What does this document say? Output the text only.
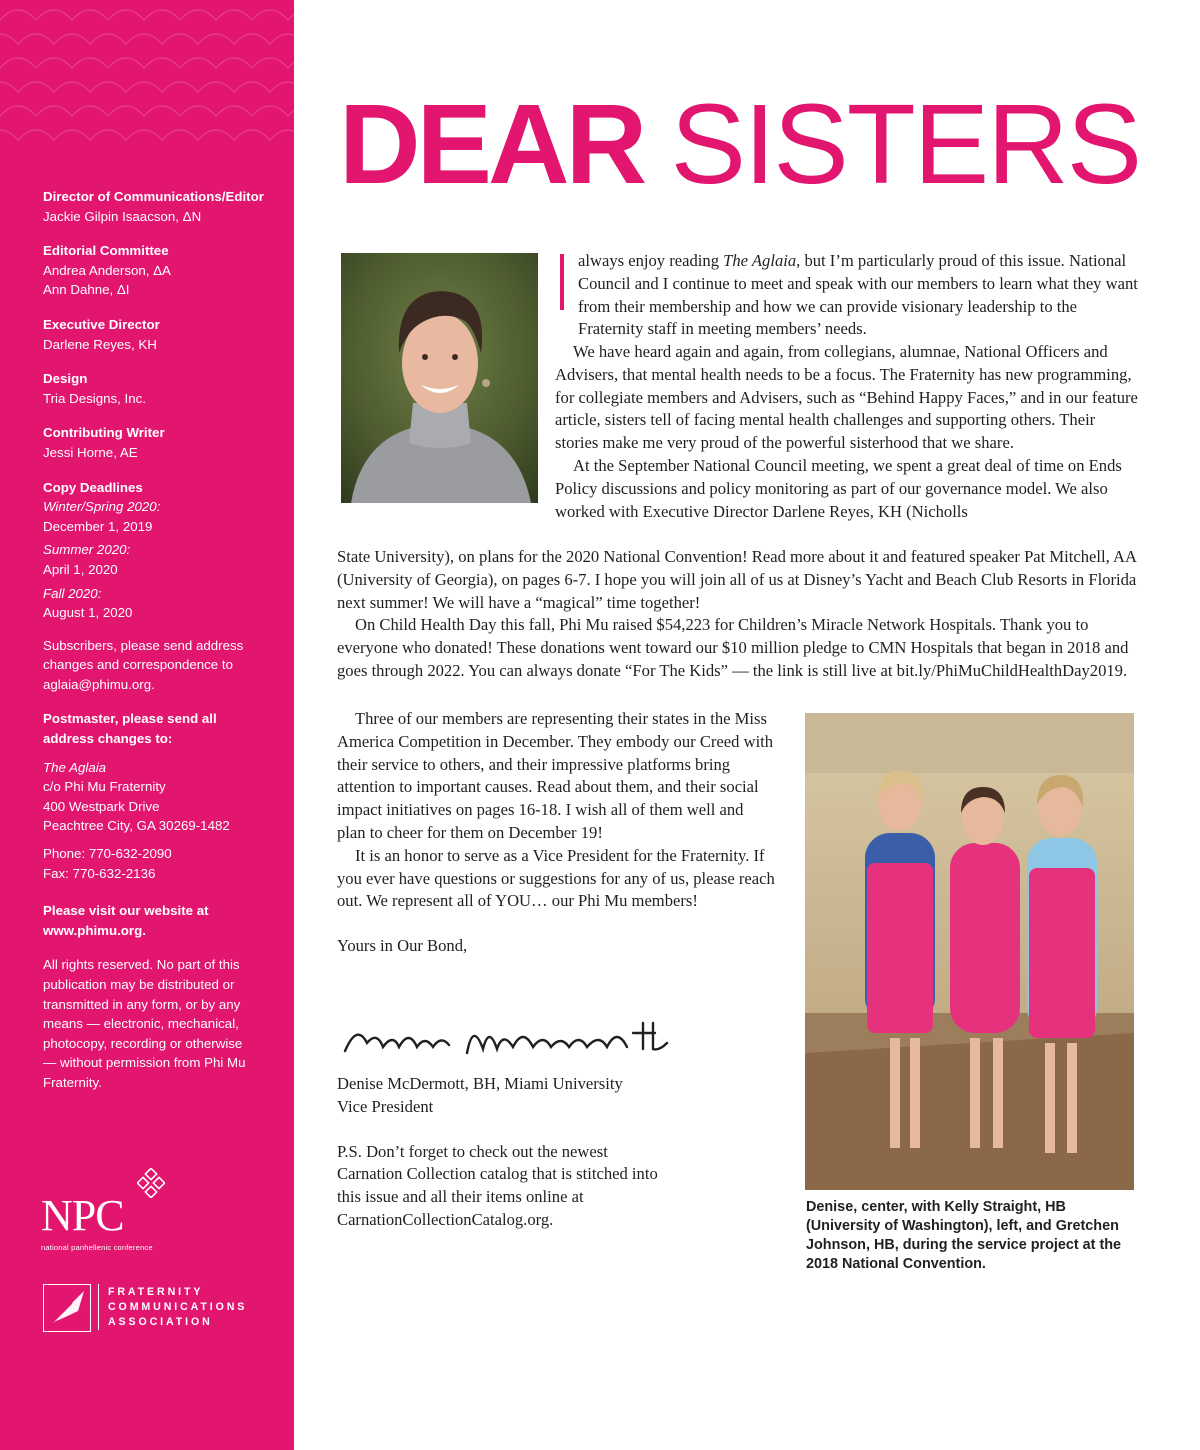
Director of Communications/Editor
Jackie Gilpin Isaacson, ΔN
Editorial Committee
Andrea Anderson, ΔA
Ann Dahne, ΔI
Executive Director
Darlene Reyes, KH
Design
Tria Designs, Inc.
Contributing Writer
Jessi Horne, AE
Copy Deadlines
Winter/Spring 2020:
December 1, 2019
Summer 2020:
April 1, 2020
Fall 2020:
August 1, 2020
Subscribers, please send address changes and correspondence to aglaia@phimu.org.
Postmaster, please send all address changes to:
The Aglaia
c/o Phi Mu Fraternity
400 Westpark Drive
Peachtree City, GA 30269-1482
Phone: 770-632-2090
Fax: 770-632-2136
Please visit our website at www.phimu.org.
All rights reserved. No part of this publication may be distributed or transmitted in any form, or by any means — electronic, mechanical, photocopy, recording or otherwise — without permission from Phi Mu Fraternity.
NPC
national panhellenic conference
FRATERNITY
COMMUNICATIONS
ASSOCIATION
DEAR SISTERS

always enjoy reading The Aglaia, but I’m particularly proud of this issue. National Council and I continue to meet and speak with our members to learn what they want from their membership and how we can provide visionary leadership to the Fraternity staff in meeting members’ needs.

We have heard again and again, from collegians, alumnae, National Officers and Advisers, that mental health needs to be a focus. The Fraternity has new programming, for collegiate members and Advisers, such as “Behind Happy Faces,” and in our feature article, sisters tell of facing mental health challenges and supporting others. Their stories make me very proud of the powerful sisterhood that we share.

At the September National Council meeting, we spent a great deal of time on Ends Policy discussions and policy monitoring as part of our governance model. We also worked with Executive Director Darlene Reyes, KH (Nicholls

State University), on plans for the 2020 National Convention! Read more about it and featured speaker Pat Mitchell, AA (University of Georgia), on pages 6-7. I hope you will join all of us at Disney’s Yacht and Beach Club Resorts in Florida next summer! We will have a “magical” time together!

On Child Health Day this fall, Phi Mu raised $54,223 for Children’s Miracle Network Hospitals. Thank you to everyone who donated! These donations went toward our $10 million pledge to CMN Hospitals that began in 2018 and goes through 2022. You can always donate “For The Kids” — the link is still live at bit.ly/PhiMuChildHealthDay2019.

Three of our members are representing their states in the Miss America Competition in December. They embody our Creed with their service to others, and their impressive platforms bring attention to important causes. Read about them, and their social impact initiatives on pages 16-18. I wish all of them well and plan to cheer for them on December 19!

It is an honor to serve as a Vice President for the Fraternity. If you ever have questions or suggestions for any of us, please reach out. We represent all of YOU… our Phi Mu members!

Yours in Our Bond,

Denise McDermott, BH, Miami University

Vice President

P.S. Don’t forget to check out the newest Carnation Collection catalog that is stitched into this issue and all their items online at CarnationCollectionCatalog.org.

Denise, center, with Kelly Straight, HB (University of Washington), left, and Gretchen Johnson, HB, during the service project at the 2018 National Convention.
